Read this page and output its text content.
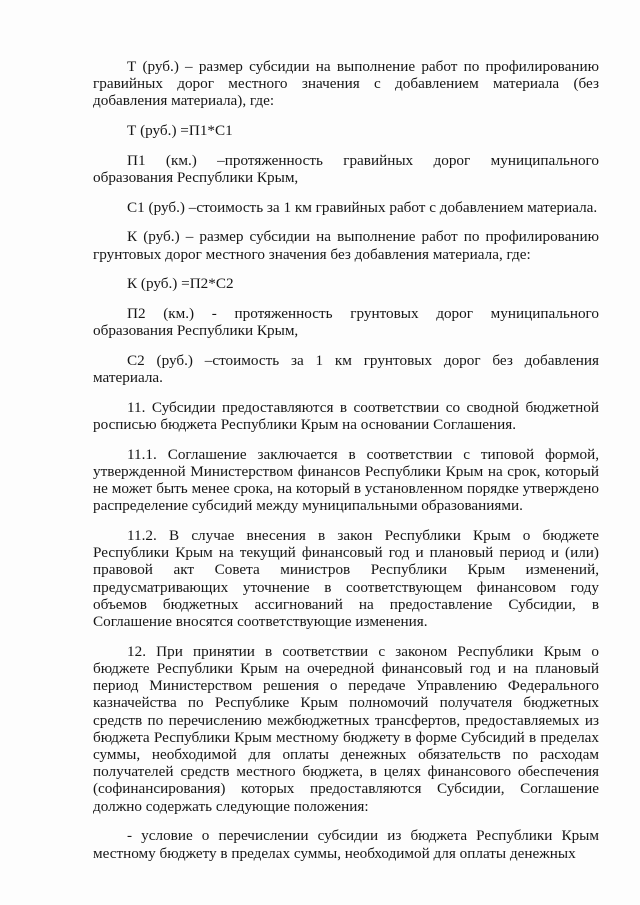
Т (руб.) – размер субсидии на выполнение работ по профилированию гравийных дорог местного значения с добавлением материала (без добавления материала), где:

Т (руб.) =П1*С1

П1 (км.) –протяженность гравийных дорог муниципального образования Республики Крым,

С1 (руб.) –стоимость за 1 км гравийных работ с добавлением материала.

К (руб.) – размер субсидии на выполнение работ по профилированию грунтовых дорог местного значения без добавления материала, где:

К (руб.) =П2*С2

П2 (км.) - протяженность грунтовых дорог муниципального образования Республики Крым,

С2 (руб.) –стоимость за 1 км грунтовых дорог без добавления материала.

11. Субсидии предоставляются в соответствии со сводной бюджетной росписью бюджета Республики Крым на основании Соглашения.

11.1. Соглашение заключается в соответствии с типовой формой, утвержденной Министерством финансов Республики Крым на срок, который не может быть менее срока, на который в установленном порядке утверждено распределение субсидий между муниципальными образованиями.

11.2. В случае внесения в закон Республики Крым о бюджете Республики Крым на текущий финансовый год и плановый период и (или) правовой акт Совета министров Республики Крым изменений, предусматривающих уточнение в соответствующем финансовом году объемов бюджетных ассигнований на предоставление Субсидии, в Соглашение вносятся соответствующие изменения.

12. При принятии в соответствии с законом Республики Крым о бюджете Республики Крым на очередной финансовый год и на плановый период Министерством решения о передаче Управлению Федерального казначейства по Республике Крым полномочий получателя бюджетных средств по перечислению межбюджетных трансфертов, предоставляемых из бюджета Республики Крым местному бюджету в форме Субсидий в пределах суммы, необходимой для оплаты денежных обязательств по расходам получателей средств местного бюджета, в целях финансового обеспечения (софинансирования) которых предоставляются Субсидии, Соглашение должно содержать следующие положения:

- условие о перечислении субсидии из бюджета Республики Крым местному бюджету в пределах суммы, необходимой для оплаты денежных
